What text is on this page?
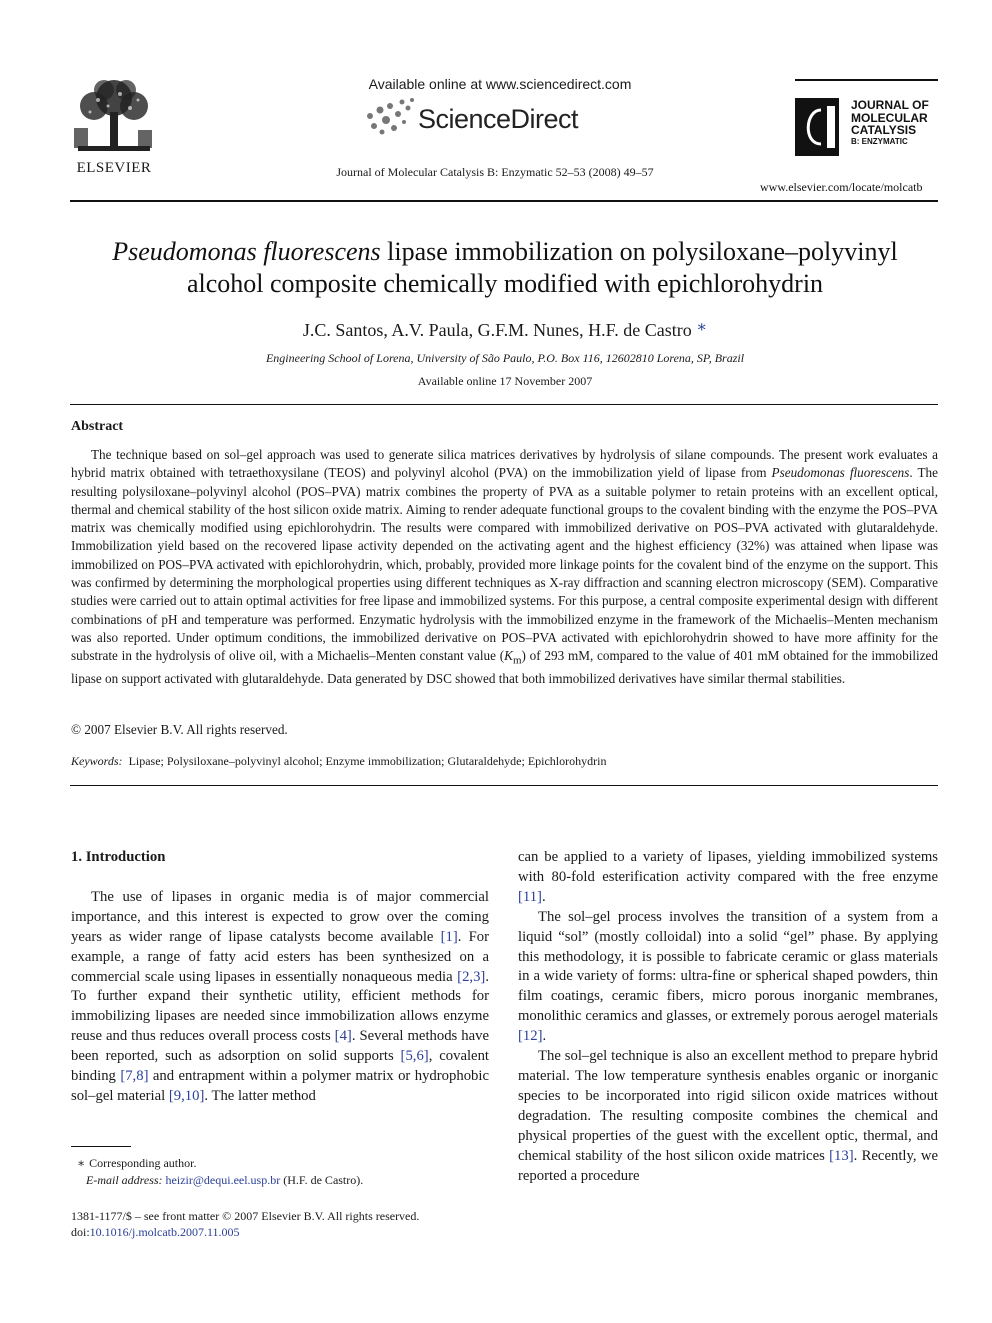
ELSEVIER
Available online at www.sciencedirect.com
ScienceDirect
Journal of Molecular Catalysis B: Enzymatic 52–53 (2008) 49–57
JOURNAL OF
MOLECULAR
CATALYSIS
B: ENZYMATIC
www.elsevier.com/locate/molcatb
Pseudomonas fluorescens lipase immobilization on polysiloxane–polyvinyl
alcohol composite chemically modified with epichlorohydrin
J.C. Santos, A.V. Paula, G.F.M. Nunes, H.F. de Castro ∗
Engineering School of Lorena, University of São Paulo, P.O. Box 116, 12602810 Lorena, SP, Brazil
Available online 17 November 2007
Abstract
The technique based on sol–gel approach was used to generate silica matrices derivatives by hydrolysis of silane compounds. The present work evaluates a hybrid matrix obtained with tetraethoxysilane (TEOS) and polyvinyl alcohol (PVA) on the immobilization yield of lipase from Pseudomonas fluorescens. The resulting polysiloxane–polyvinyl alcohol (POS–PVA) matrix combines the property of PVA as a suitable polymer to retain proteins with an excellent optical, thermal and chemical stability of the host silicon oxide matrix. Aiming to render adequate functional groups to the covalent binding with the enzyme the POS–PVA matrix was chemically modified using epichlorohydrin. The results were compared with immobilized derivative on POS–PVA activated with glutaraldehyde. Immobilization yield based on the recovered lipase activity depended on the activating agent and the highest efficiency (32%) was attained when lipase was immobilized on POS–PVA activated with epichlorohydrin, which, probably, provided more linkage points for the covalent bind of the enzyme on the support. This was confirmed by determining the morphological properties using different techniques as X-ray diffraction and scanning electron microscopy (SEM). Comparative studies were carried out to attain optimal activities for free lipase and immobilized systems. For this purpose, a central composite experimental design with different combinations of pH and temperature was performed. Enzymatic hydrolysis with the immobilized enzyme in the framework of the Michaelis–Menten mechanism was also reported. Under optimum conditions, the immobilized derivative on POS–PVA activated with epichlorohydrin showed to have more affinity for the substrate in the hydrolysis of olive oil, with a Michaelis–Menten constant value $(K_m)$ of 293 mM, compared to the value of 401 mM obtained for the immobilized lipase on support activated with glutaraldehyde. Data generated by DSC showed that both immobilized derivatives have similar thermal stabilities.
© 2007 Elsevier B.V. All rights reserved.
Keywords: Lipase; Polysiloxane–polyvinyl alcohol; Enzyme immobilization; Glutaraldehyde; Epichlorohydrin

1. Introduction

The use of lipases in organic media is of major commercial importance, and this interest is expected to grow over the coming years as wider range of lipase catalysts become available [1]. For example, a range of fatty acid esters has been synthesized on a commercial scale using lipases in essentially nonaqueous media [2,3]. To further expand their synthetic utility, efficient methods for immobilizing lipases are needed since immobilization allows enzyme reuse and thus reduces overall process costs [4]. Several methods have been reported, such as adsorption on solid supports [5,6], covalent binding [7,8] and entrapment within a polymer matrix or hydrophobic sol–gel material [9,10]. The latter method

can be applied to a variety of lipases, yielding immobilized systems with 80-fold esterification activity compared with the free enzyme [11].

The sol–gel process involves the transition of a system from a liquid “sol” (mostly colloidal) into a solid “gel” phase. By applying this methodology, it is possible to fabricate ceramic or glass materials in a wide variety of forms: ultra-fine or spherical shaped powders, thin film coatings, ceramic fibers, micro porous inorganic membranes, monolithic ceramics and glasses, or extremely porous aerogel materials [12].

The sol–gel technique is also an excellent method to prepare hybrid material. The low temperature synthesis enables organic or inorganic species to be incorporated into rigid silicon oxide matrices without degradation. The resulting composite combines the chemical and physical properties of the guest with the excellent optic, thermal, and chemical stability of the host silicon oxide matrices [13]. Recently, we reported a procedure

∗ Corresponding author.
E-mail address: heizir@dequi.eel.usp.br (H.F. de Castro).
1381-1177/$ – see front matter © 2007 Elsevier B.V. All rights reserved.
doi:10.1016/j.molcatb.2007.11.005
